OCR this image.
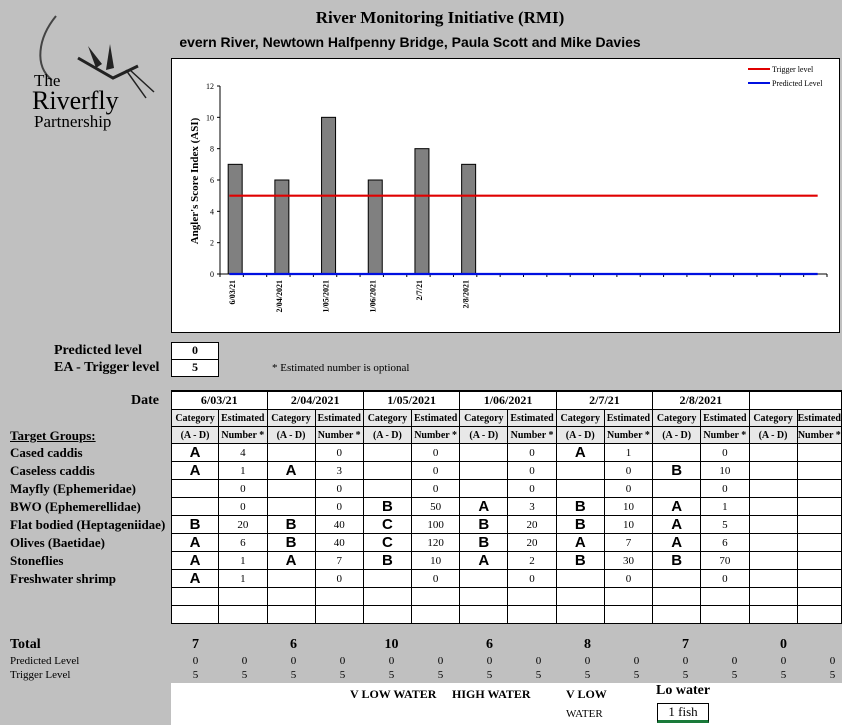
River Monitoring Initiative (RMI)
evern River, Newtown Halfpenny Bridge, Paula Scott and Mike Davies
The
Riverfly
Partnership	Angler's Score Index (ASI)
Trigger level
Predicted Level
0
2
4
6
8
10
12
6/03/21	2/04/2021	1/05/2021	1/06/2021	2/7/21	2/8/2021
Predicted level	0
EA - Trigger level	5	* Estimated number is optional
Date
Target Groups:
Cased caddis
Caseless caddis
Mayfly (Ephemeridae)
BWO (Ephemerellidae)
Flat bodied (Heptageniidae)
Olives (Baetidae)
Stoneflies
Freshwater shrimp
6/03/21		2/04/2021		1/05/2021		1/06/2021		2/7/21		2/8/2021			
Category	Estimated	Category	Estimated	Category	Estimated	Category	Estimated	Category	Estimated	Category	Estimated	Category	Estimated
(A - D)	Number *	(A - D)	Number *	(A - D)	Number *	(A - D)	Number *	(A - D)	Number *	(A - D)	Number *	(A - D)	Number *
A	4		0		0		0	A	1		0		
A	1	A	3		0		0		0	B	10		
	0		0		0		0		0		0		
	0		0	B	50	A	3	B	10	A	1		
B	20	B	40	C	100	B	20	B	10	A	5		
A	6	B	40	C	120	B	20	A	7	A	6		
A	1	A	7	B	10	A	2	B	30	B	70		
A	1		0		0		0		0		0		

Total
Predicted Level
Trigger Level
7	6	10	6	8	7	0
0	0	0	0	0	0	0	0	0	0	0	0	0	0
5	5	5	5	5	5	5	5	5	5	5	5	5	5
V LOW WATER HIGH WATER	V LOW
WATER
Lo water
1 fish
